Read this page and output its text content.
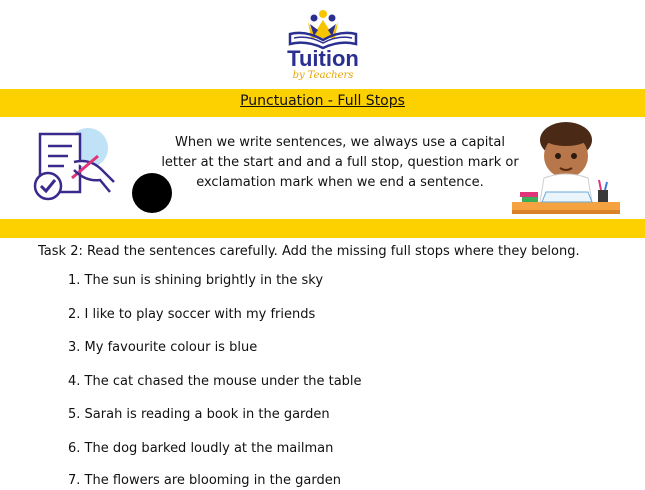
Tuition
by Teachers
Punctuation - Full Stops
When we write sentences, we always use a capital letter at the start and and a full stop, question mark or exclamation mark when we end a sentence.
Task 2: Read the sentences carefully. Add the missing full stops where they belong.
1. The sun is shining brightly in the sky
2. I like to play soccer with my friends
3. My favourite colour is blue
4. The cat chased the mouse under the table
5. Sarah is reading a book in the garden
6. The dog barked loudly at the mailman
7. The flowers are blooming in the garden
